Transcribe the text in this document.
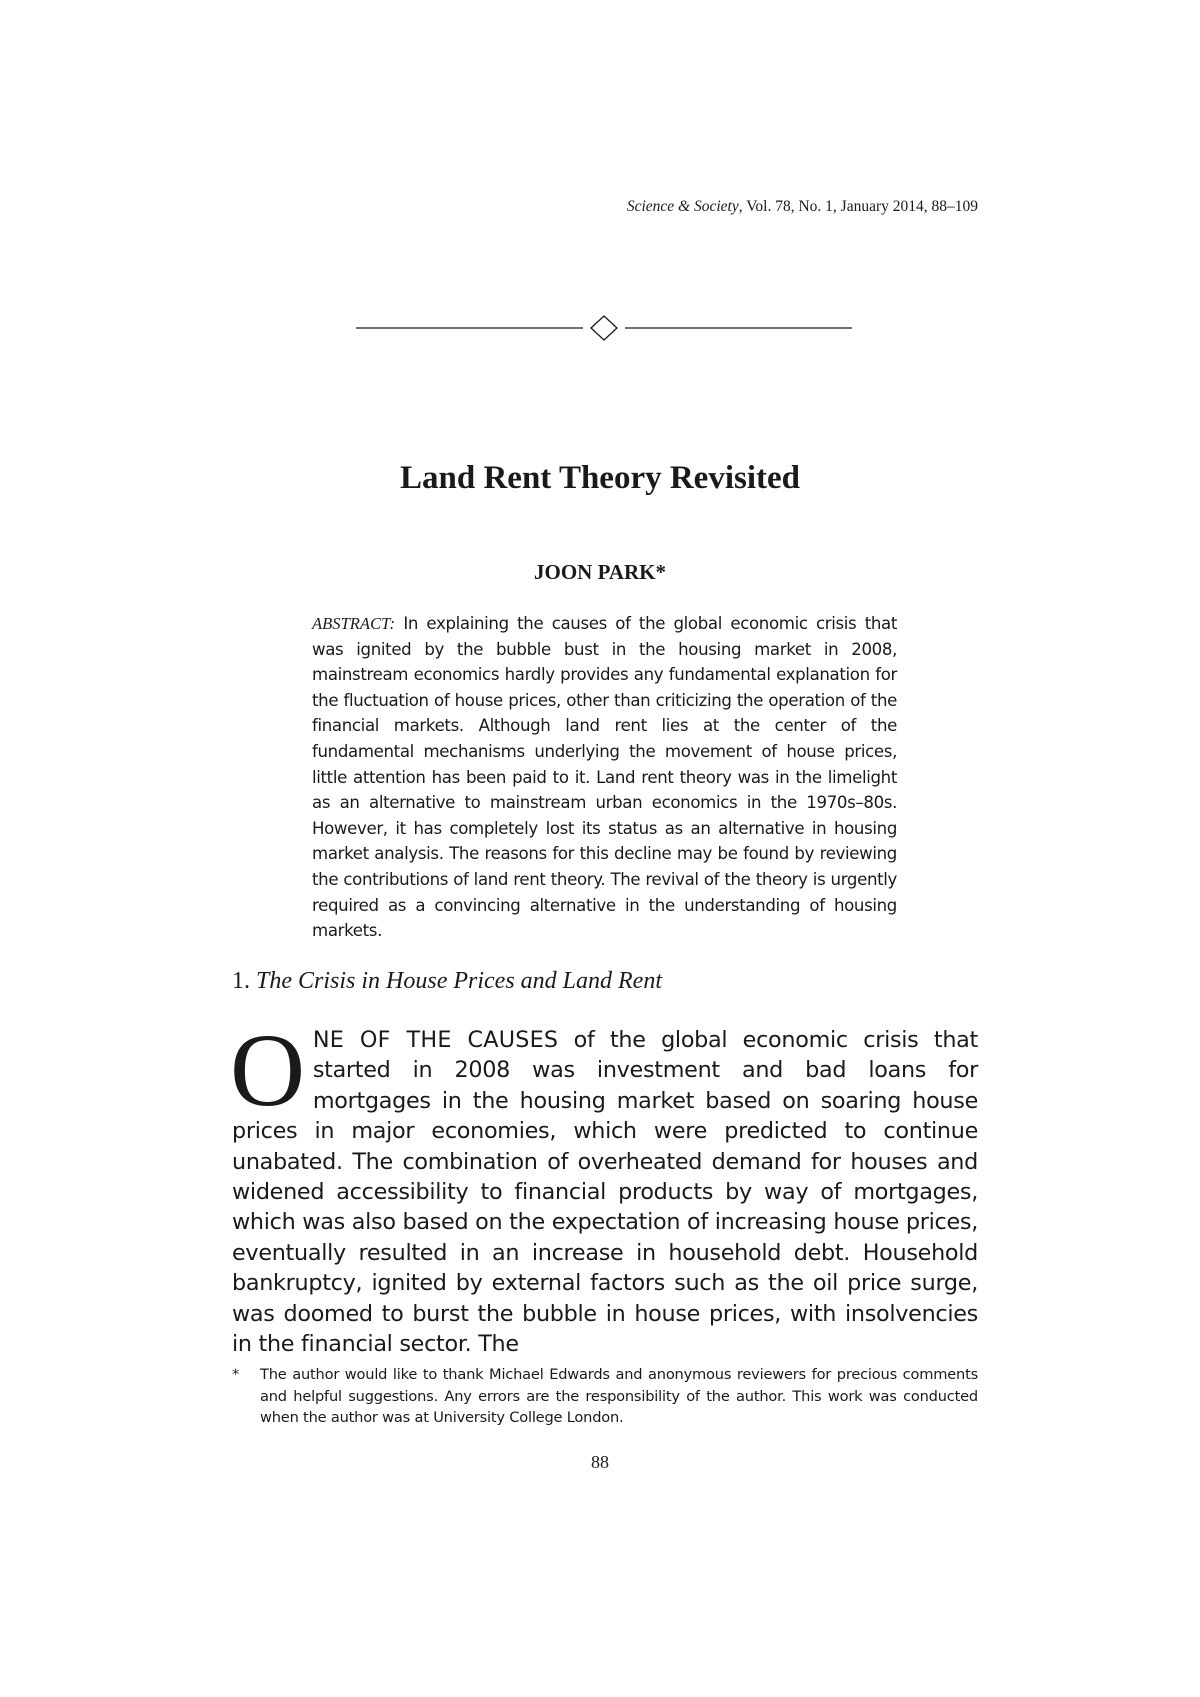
Science & Society, Vol. 78, No. 1, January 2014, 88–109
Land Rent Theory Revisited
JOON PARK*
ABSTRACT: In explaining the causes of the global economic crisis that was ignited by the bubble bust in the housing market in 2008, mainstream economics hardly provides any fundamental explanation for the fluctuation of house prices, other than criticizing the operation of the financial markets. Although land rent lies at the center of the fundamental mechanisms underlying the movement of house prices, little attention has been paid to it. Land rent theory was in the limelight as an alternative to mainstream urban economics in the 1970s–80s. However, it has completely lost its status as an alternative in housing market analysis. The reasons for this decline may be found by reviewing the contributions of land rent theory. The revival of the theory is urgently required as a convincing alternative in the understanding of housing markets.
1. The Crisis in House Prices and Land Rent
ONE OF THE CAUSES of the global economic crisis that started in 2008 was investment and bad loans for mortgages in the housing market based on soaring house prices in major economies, which were predicted to continue unabated. The combination of overheated demand for houses and widened accessibility to financial products by way of mortgages, which was also based on the expectation of increasing house prices, eventually resulted in an increase in household debt. Household bankruptcy, ignited by external factors such as the oil price surge, was doomed to burst the bubble in house prices, with insolvencies in the financial sector. The
* The author would like to thank Michael Edwards and anonymous reviewers for precious comments and helpful suggestions. Any errors are the responsibility of the author. This work was conducted when the author was at University College London.
88
